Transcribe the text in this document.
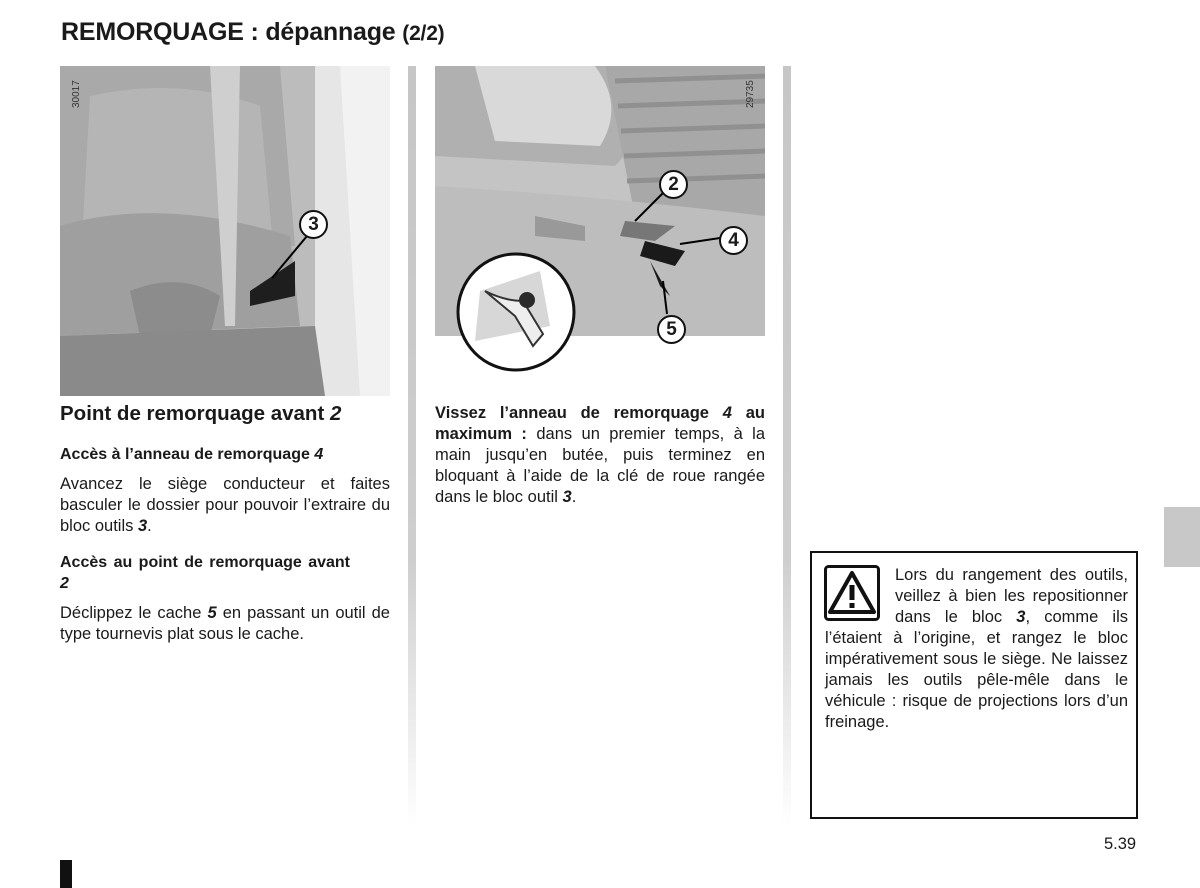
REMORQUAGE : dépannage (2/2)
3
30017
2
4
5
29735
Point de remorquage avant 2

Accès à l’anneau de remorquage 4

Avancez le siège conducteur et faites basculer le dossier pour pouvoir l’extraire du bloc outils 3.

Accès au point de remorquage avant 2

Déclippez le cache 5 en passant un outil de type tournevis plat sous le cache.

Vissez l’anneau de remorquage 4 au maximum : dans un premier temps, à la main jusqu’en butée, puis terminez en bloquant à l’aide de la clé de roue rangée dans le bloc outil 3.

Lors du rangement des outils, veillez à bien les repositionner dans le bloc 3, comme ils l’étaient à l’origine, et rangez le bloc impérativement sous le siège. Ne laissez jamais les outils pêle-mêle dans le véhicule : risque de projections lors d’un freinage.
5.39
